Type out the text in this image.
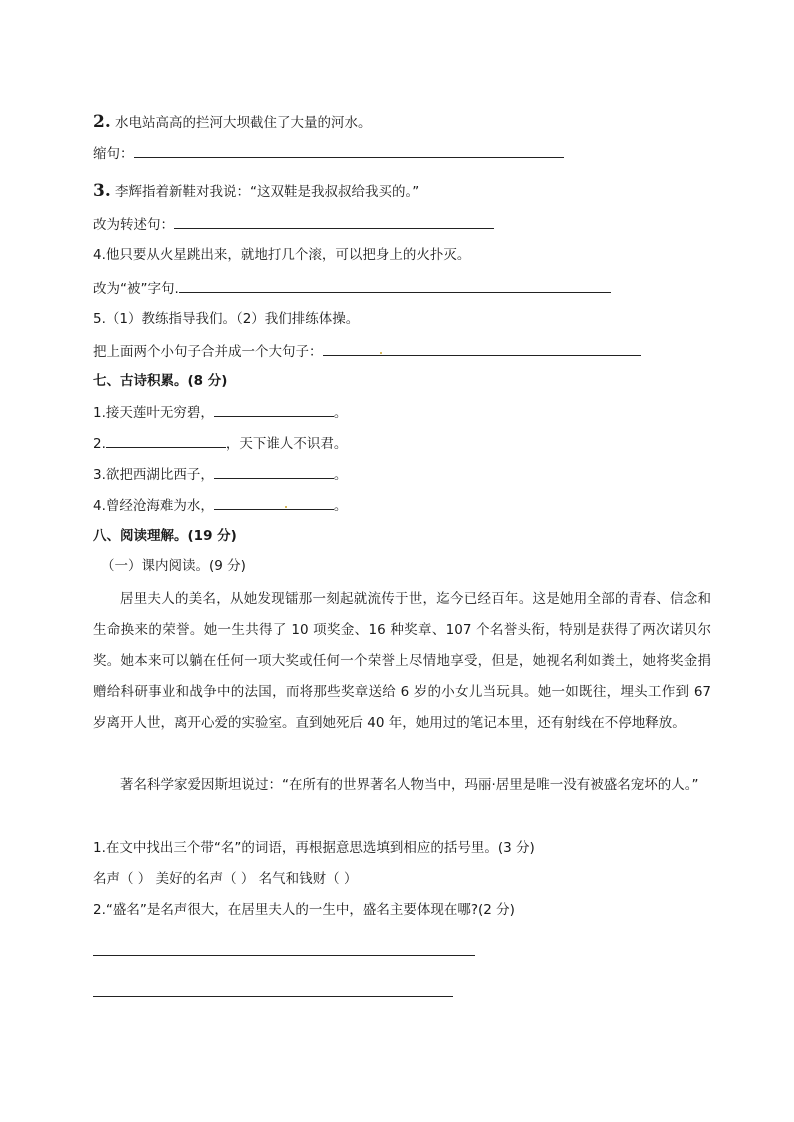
2. 水电站高高的拦河大坝截住了大量的河水。
缩句：
3. 李辉指着新鞋对我说：“这双鞋是我叔叔给我买的。”
改为转述句：
4.他只要从火星跳出来，就地打几个滚，可以把身上的火扑灭。
改为“被”字句.
5.（1）教练指导我们。（2）我们排练体操。
把上面两个小句子合并成一个大句子：
七、古诗积累。(8 分)
1.接天莲叶无穷碧，	。
2.	，天下谁人不识君。
3.欲把西湖比西子，	。
4.曾经沧海难为水，	。
八、阅读理解。(19 分)
（一）课内阅读。(9 分)
居里夫人的美名，从她发现镭那一刻起就流传于世，迄今已经百年。这是她用全部的青春、信念和生命换来的荣誉。她一生共得了 10 项奖金、16 种奖章、107 个名誉头衔，特别是获得了两次诺贝尔奖。她本来可以躺在任何一项大奖或任何一个荣誉上尽情地享受，但是，她视名利如粪土，她将奖金捐赠给科研事业和战争中的法国，而将那些奖章送给 6 岁的小女儿当玩具。她一如既往，埋头工作到 67 岁离开人世，离开心爱的实验室。直到她死后 40 年，她用过的笔记本里，还有射线在不停地释放。
著名科学家爱因斯坦说过：“在所有的世界著名人物当中，玛丽·居里是唯一没有被盛名宠坏的人。”
1.在文中找出三个带“名”的词语，再根据意思选填到相应的括号里。(3 分)
名声（ ） 美好的名声（ ） 名气和钱财（ ）
2.“盛名”是名声很大，在居里夫人的一生中，盛名主要体现在哪?(2 分)
